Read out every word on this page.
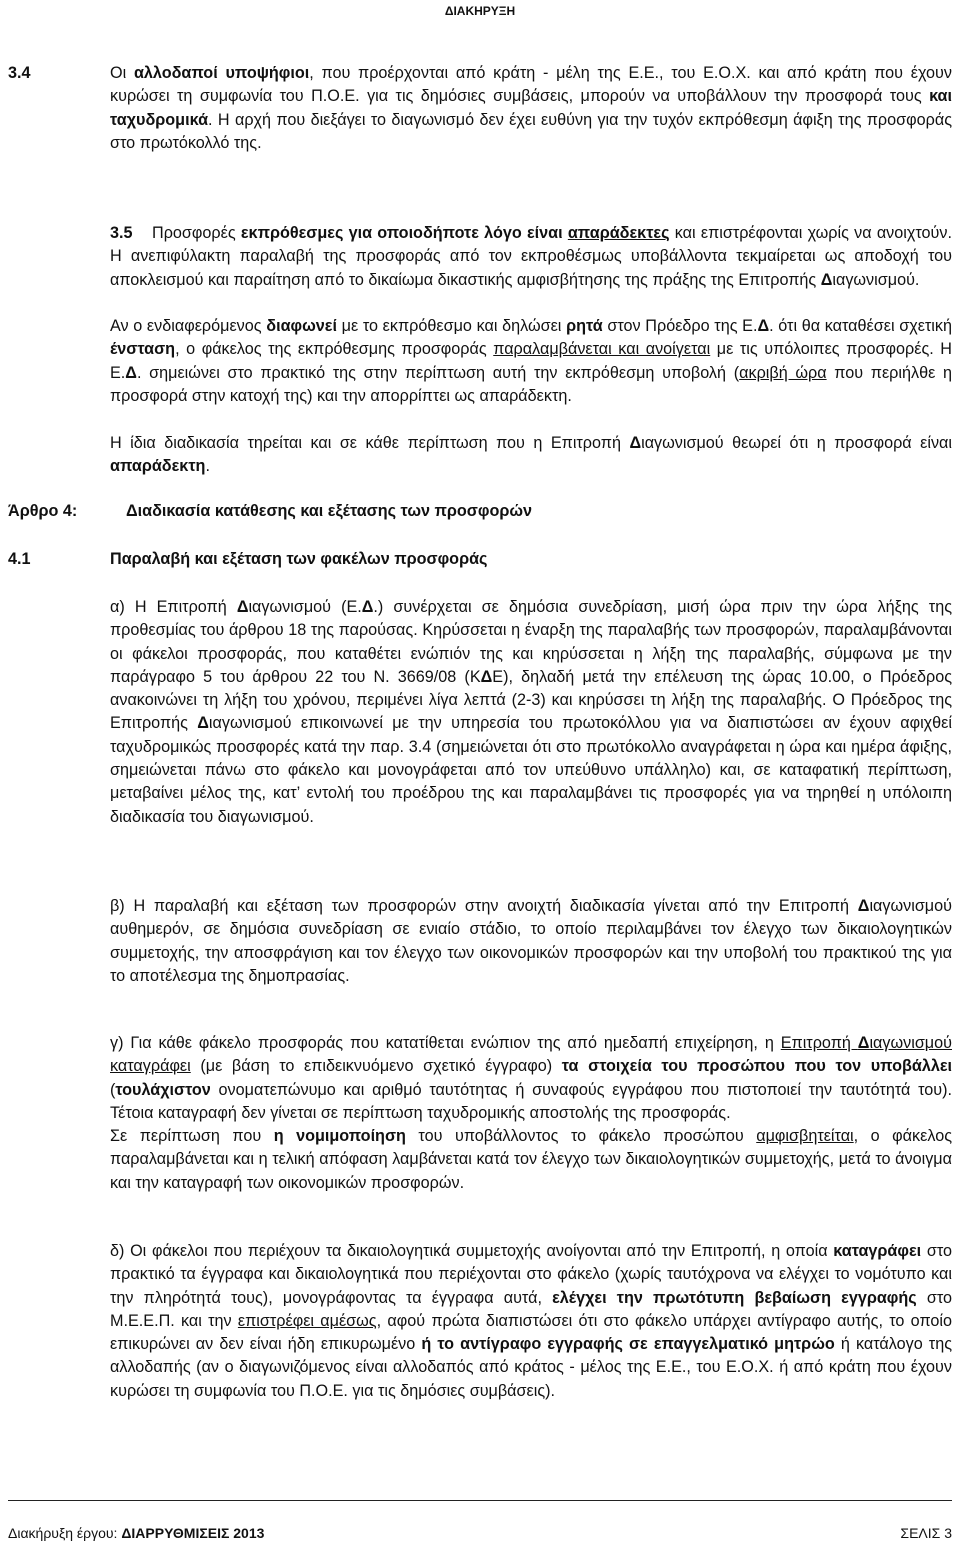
ΔΙΑΚΗΡΥΞΗ
3.4	Οι αλλοδαποί υποψήφιοι, που προέρχονται από κράτη - μέλη της Ε.Ε., του Ε.Ο.Χ. και από κράτη που έχουν κυρώσει τη συμφωνία του Π.Ο.Ε. για τις δημόσιες συμβάσεις, μπορούν να υποβάλλουν την προσφορά τους και ταχυδρομικά. Η αρχή που διεξάγει το διαγωνισμό δεν έχει ευθύνη για την τυχόν εκπρόθεσμη άφιξη της προσφοράς στο πρωτόκολλό της.
3.5	Προσφορές εκπρόθεσμες για οποιοδήποτε λόγο είναι απαράδεκτες και επιστρέφονται χωρίς να ανοιχτούν. Η ανεπιφύλακτη παραλαβή της προσφοράς από τον εκπροθέσμως υποβάλλοντα τεκμαίρεται ως αποδοχή του αποκλεισμού και παραίτηση από το δικαίωμα δικαστικής αμφισβήτησης της πράξης της Επιτροπής Διαγωνισμού.
Αν ο ενδιαφερόμενος διαφωνεί με το εκπρόθεσμο και δηλώσει ρητά στον Πρόεδρο της Ε.Δ. ότι θα καταθέσει σχετική ένσταση, ο φάκελος της εκπρόθεσμης προσφοράς παραλαμβάνεται και ανοίγεται με τις υπόλοιπες προσφορές. Η Ε.Δ. σημειώνει στο πρακτικό της στην περίπτωση αυτή την εκπρόθεσμη υποβολή (ακριβή ώρα που περιήλθε η προσφορά στην κατοχή της) και την απορρίπτει ως απαράδεκτη.
Η ίδια διαδικασία τηρείται και σε κάθε περίπτωση που η Επιτροπή Διαγωνισμού θεωρεί ότι η προσφορά είναι απαράδεκτη.
Άρθρο 4:	Διαδικασία κατάθεσης και εξέτασης των προσφορών
4.1	Παραλαβή και εξέταση των φακέλων προσφοράς
α) Η Επιτροπή Διαγωνισμού (Ε.Δ.) συνέρχεται σε δημόσια συνεδρίαση, μισή ώρα πριν την ώρα λήξης της προθεσμίας του άρθρου 18 της παρούσας. Κηρύσσεται η έναρξη της παραλαβής των προσφορών, παραλαμβάνονται οι φάκελοι προσφοράς, που καταθέτει ενώπιόν της και κηρύσσεται η λήξη της παραλαβής, σύμφωνα με την παράγραφο 5 του άρθρου 22 του Ν. 3669/08 (ΚΔΕ), δηλαδή μετά την επέλευση της ώρας 10.00, ο Πρόεδρος ανακοινώνει τη λήξη του χρόνου, περιμένει λίγα λεπτά (2-3) και κηρύσσει τη λήξη της παραλαβής. Ο Πρόεδρος της Επιτροπής Διαγωνισμού επικοινωνεί με την υπηρεσία του πρωτοκόλλου για να διαπιστώσει αν έχουν αφιχθεί ταχυδρομικώς προσφορές κατά την παρ. 3.4 (σημειώνεται ότι στο πρωτόκολλο αναγράφεται η ώρα και ημέρα άφιξης, σημειώνεται πάνω στο φάκελο και μονογράφεται από τον υπεύθυνο υπάλληλο) και, σε καταφατική περίπτωση, μεταβαίνει μέλος της, κατ’ εντολή του προέδρου της και παραλαμβάνει τις προσφορές για να τηρηθεί η υπόλοιπη διαδικασία του διαγωνισμού.
β) Η παραλαβή και εξέταση των προσφορών στην ανοιχτή διαδικασία γίνεται από την Επιτροπή Διαγωνισμού αυθημερόν, σε δημόσια συνεδρίαση σε ενιαίο στάδιο, το οποίο περιλαμβάνει τον έλεγχο των δικαιολογητικών συμμετοχής, την αποσφράγιση και τον έλεγχο των οικονομικών προσφορών και την υποβολή του πρακτικού της για το αποτέλεσμα της δημοπρασίας.
γ) Για κάθε φάκελο προσφοράς που κατατίθεται ενώπιον της από ημεδαπή επιχείρηση, η Επιτροπή Διαγωνισμού καταγράφει (με βάση το επιδεικνυόμενο σχετικό έγγραφο) τα στοιχεία του προσώπου που τον υποβάλλει (τουλάχιστον ονοματεπώνυμο και αριθμό ταυτότητας ή συναφούς εγγράφου που πιστοποιεί την ταυτότητά του). Τέτοια καταγραφή δεν γίνεται σε περίπτωση ταχυδρομικής αποστολής της προσφοράς.
Σε περίπτωση που η νομιμοποίηση του υποβάλλοντος το φάκελο προσώπου αμφισβητείται, ο φάκελος παραλαμβάνεται και η τελική απόφαση λαμβάνεται κατά τον έλεγχο των δικαιολογητικών συμμετοχής, μετά το άνοιγμα και την καταγραφή των οικονομικών προσφορών.
δ) Οι φάκελοι που περιέχουν τα δικαιολογητικά συμμετοχής ανοίγονται από την Επιτροπή, η οποία καταγράφει στο πρακτικό τα έγγραφα και δικαιολογητικά που περιέχονται στο φάκελο (χωρίς ταυτόχρονα να ελέγχει το νομότυπο και την πληρότητά τους), μονογράφοντας τα έγγραφα αυτά, ελέγχει την πρωτότυπη βεβαίωση εγγραφής στο Μ.Ε.Ε.Π. και την επιστρέφει αμέσως, αφού πρώτα διαπιστώσει ότι στο φάκελο υπάρχει αντίγραφο αυτής, το οποίο επικυρώνει αν δεν είναι ήδη επικυρωμένο ή το αντίγραφο εγγραφής σε επαγγελματικό μητρώο ή κατάλογο της αλλοδαπής (αν ο διαγωνιζόμενος είναι αλλοδαπός από κράτος - μέλος της Ε.Ε., του Ε.Ο.Χ. ή από κράτη που έχουν κυρώσει τη συμφωνία του Π.Ο.Ε. για τις δημόσιες συμβάσεις).
Διακήρυξη έργου: ΔΙΑΡΡΥΘΜΙΣΕΙΣ 2013	ΣΕΛΙΣ 3
